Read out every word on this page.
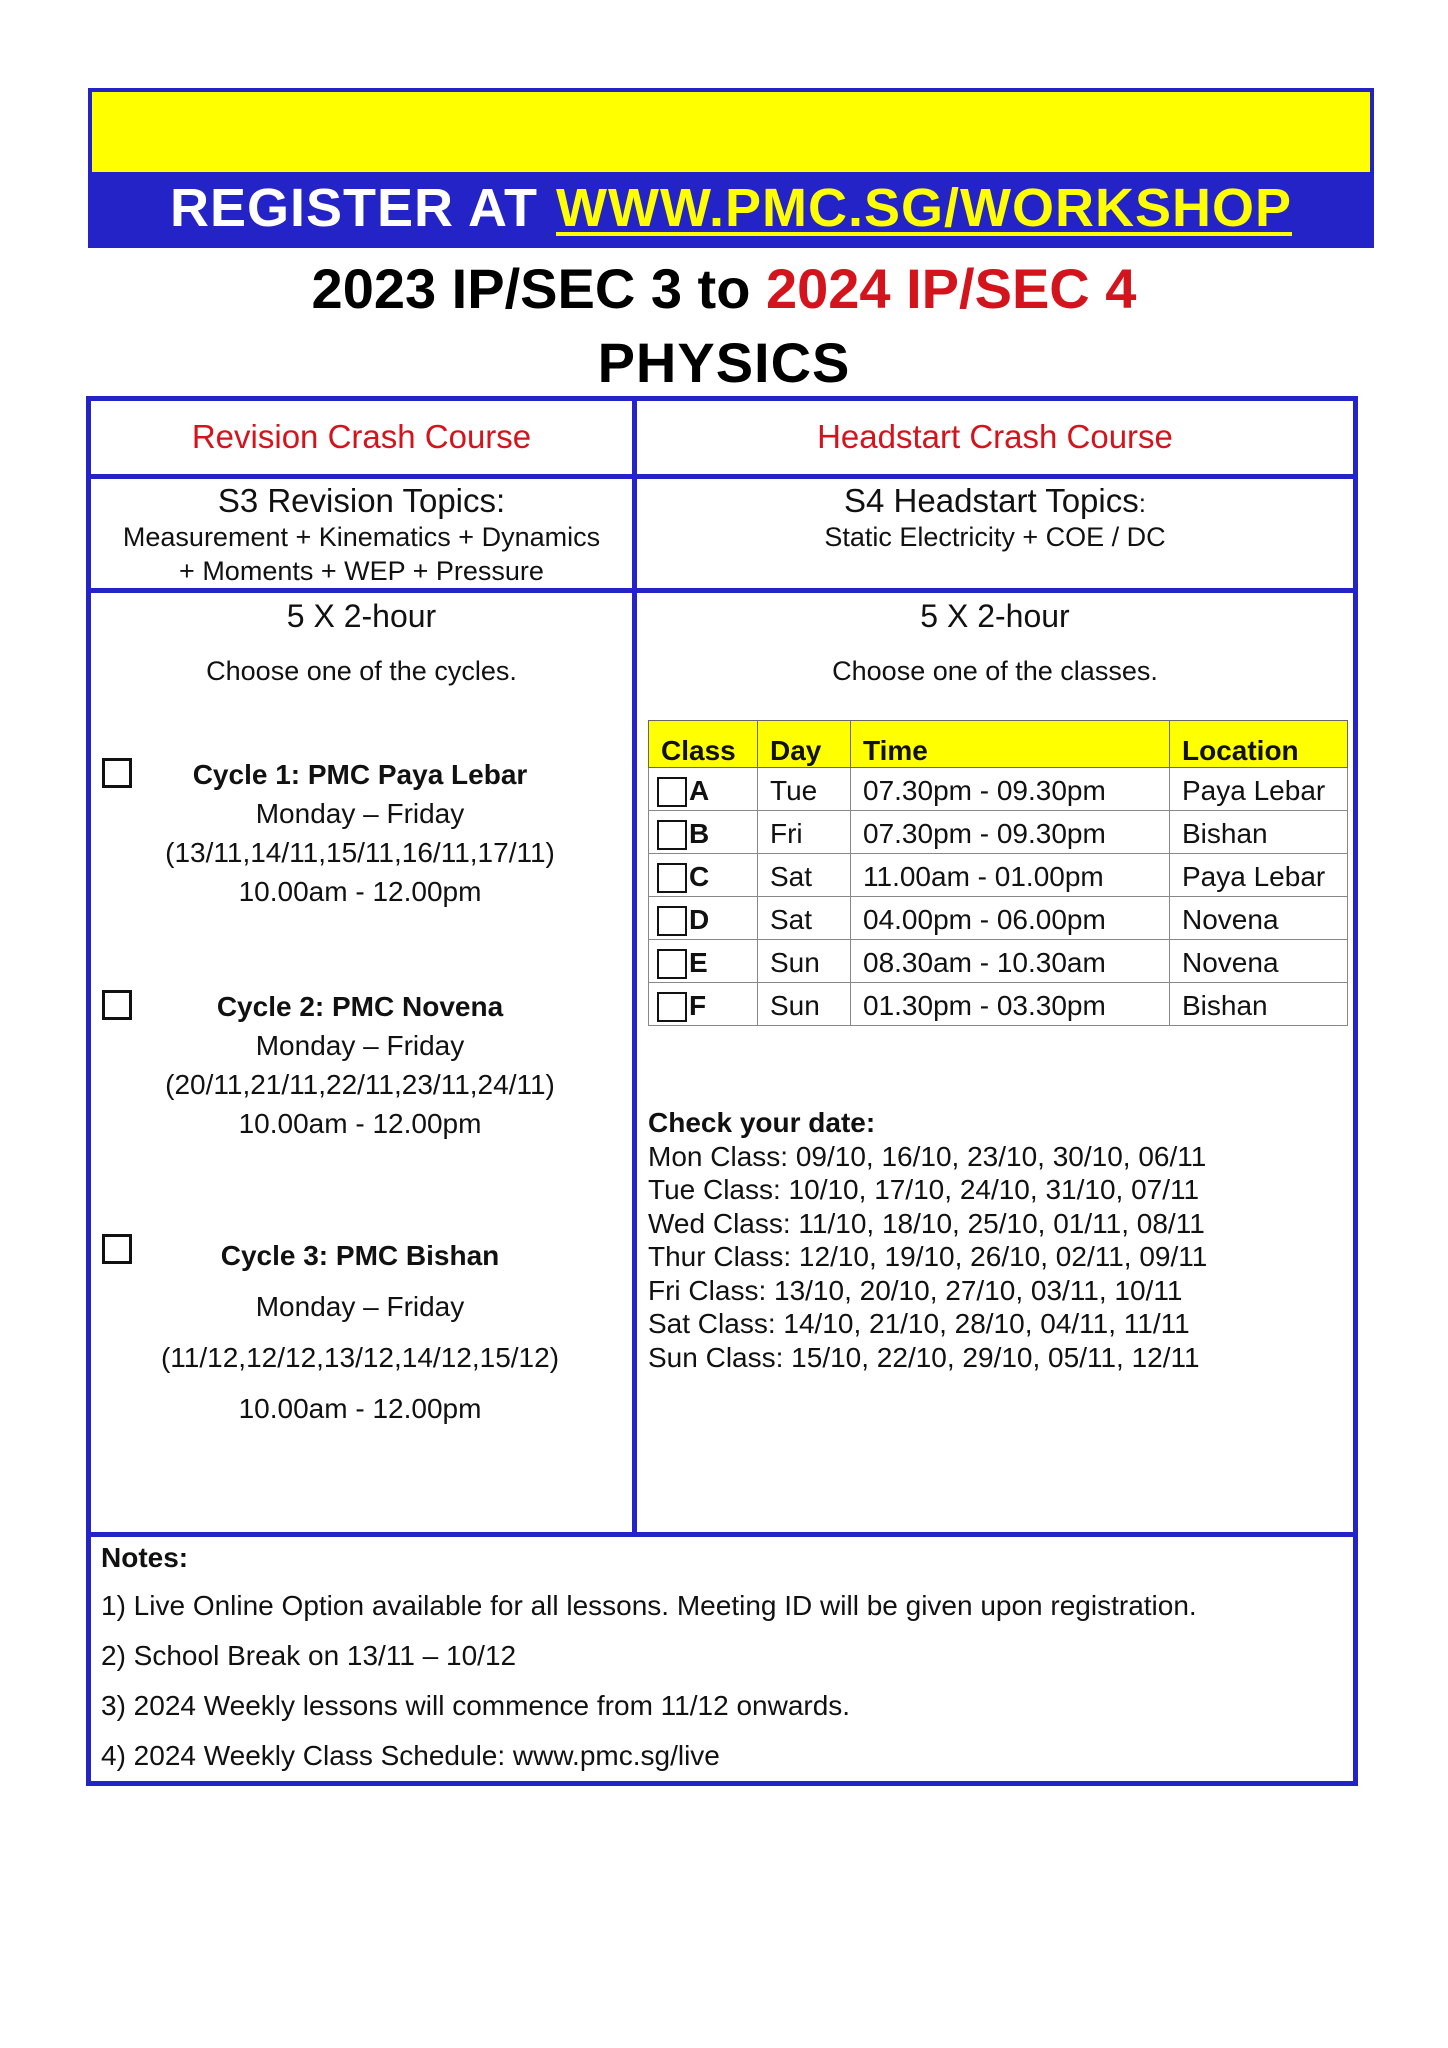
REGISTER AT WWW.PMC.SG/WORKSHOP
2023 IP/SEC 3 to 2024 IP/SEC 4
PHYSICS
Revision Crash Course	Headstart Crash Course
S3 Revision Topics:
Measurement + Kinematics + Dynamics
+ Moments + WEP + Pressure
S4 Headstart Topics:
Static Electricity + COE / DC
5 X 2-hour
Choose one of the cycles.
5 X 2-hour
Choose one of the classes.
Cycle 1: PMC Paya Lebar
Monday – Friday
(13/11,14/11,15/11,16/11,17/11)
10.00am - 12.00pm
Cycle 2: PMC Novena
Monday – Friday
(20/11,21/11,22/11,23/11,24/11)
10.00am - 12.00pm
Cycle 3: PMC Bishan
Monday – Friday
(11/12,12/12,13/12,14/12,15/12)
10.00am - 12.00pm
Class	Day	Time	Location
A	Tue	07.30pm - 09.30pm	Paya Lebar
B	Fri	07.30pm - 09.30pm	Bishan
C	Sat	11.00am - 01.00pm	Paya Lebar
D	Sat	04.00pm - 06.00pm	Novena
E	Sun	08.30am - 10.30am	Novena
F	Sun	01.30pm - 03.30pm	Bishan
Check your date:
Mon Class: 09/10, 16/10, 23/10, 30/10, 06/11
Tue Class: 10/10, 17/10, 24/10, 31/10, 07/11
Wed Class: 11/10, 18/10, 25/10, 01/11, 08/11
Thur Class: 12/10, 19/10, 26/10, 02/11, 09/11
Fri Class: 13/10, 20/10, 27/10, 03/11, 10/11
Sat Class: 14/10, 21/10, 28/10, 04/11, 11/11
Sun Class: 15/10, 22/10, 29/10, 05/11, 12/11
Notes:
1) Live Online Option available for all lessons. Meeting ID will be given upon registration.
2) School Break on 13/11 – 10/12
3) 2024 Weekly lessons will commence from 11/12 onwards.
4) 2024 Weekly Class Schedule: www.pmc.sg/live
